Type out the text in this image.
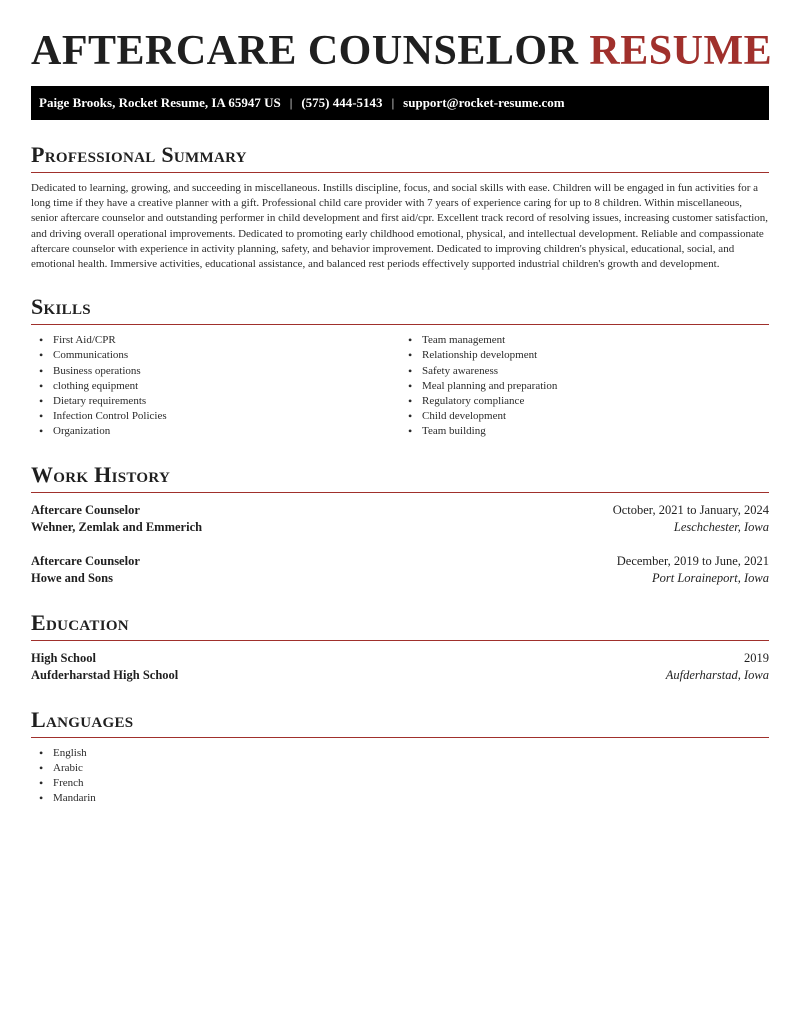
AFTERCARE COUNSELOR RESUME
Paige Brooks, Rocket Resume, IA 65947 US | (575) 444-5143 | support@rocket-resume.com
Professional Summary

Dedicated to learning, growing, and succeeding in miscellaneous. Instills discipline, focus, and social skills with ease. Children will be engaged in fun activities for a long time if they have a creative planner with a gift. Professional child care provider with 7 years of experience caring for up to 8 children. Within miscellaneous, senior aftercare counselor and outstanding performer in child development and first aid/cpr. Excellent track record of resolving issues, increasing customer satisfaction, and driving overall operational improvements. Dedicated to promoting early childhood emotional, physical, and intellectual development. Reliable and compassionate aftercare counselor with experience in activity planning, safety, and behavior improvement. Dedicated to improving children's physical, educational, social, and emotional health. Immersive activities, educational assistance, and balanced rest periods effectively supported industrial children's growth and development.

Skills
• First Aid/CPR
• Communications
• Business operations
• clothing equipment
• Dietary requirements
• Infection Control Policies
• Organization
• Team management
• Relationship development
• Safety awareness
• Meal planning and preparation
• Regulatory compliance
• Child development
• Team building
Work History
Aftercare Counselor	October, 2021 to January, 2024
Wehner, Zemlak and Emmerich	Leschchester, Iowa
Aftercare Counselor	December, 2019 to June, 2021
Howe and Sons	Port Loraineport, Iowa
Education
High School	2019
Aufderharstad High School	Aufderharstad, Iowa
Languages
• English
• Arabic
• French
• Mandarin
